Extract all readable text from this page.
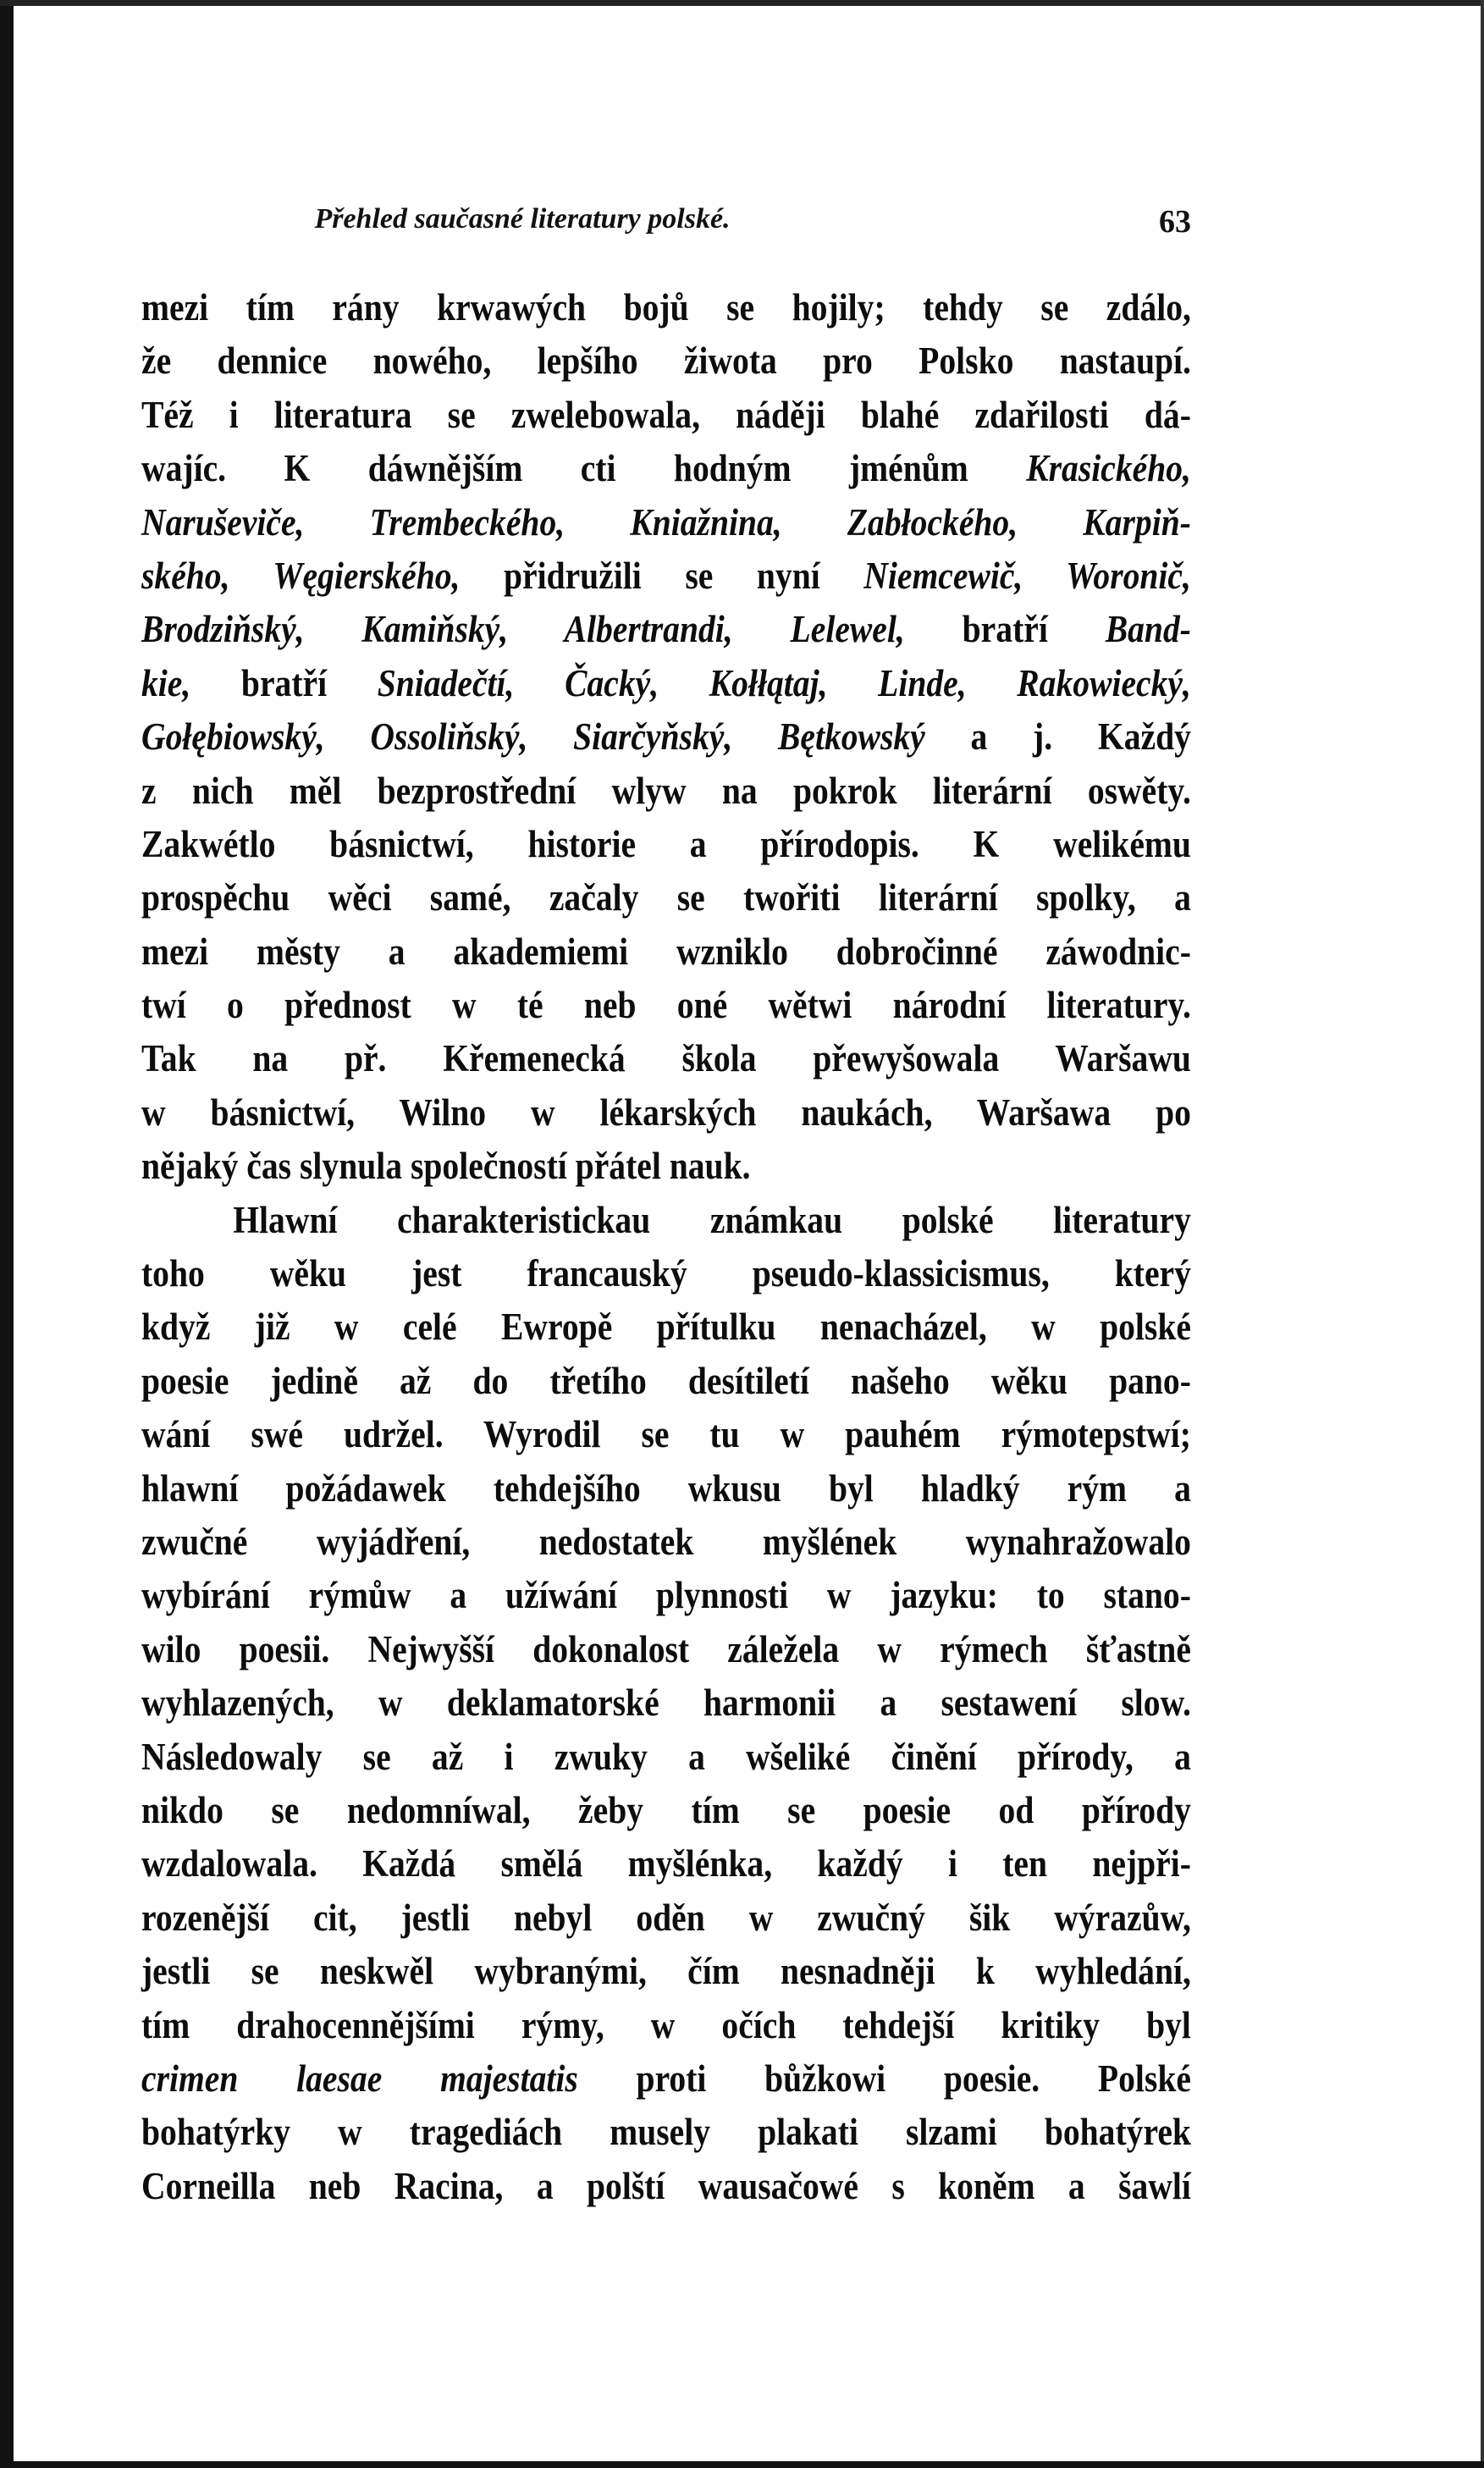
Přehled saučasné literatury polské.	63
mezi tím rány krwawých bojů se hojily; tehdy se zdálo,
že dennice nowého, lepšího žiwota pro Polsko nastaupí.
Též i literatura se zwelebowala, náději blahé zdařilosti dá-
wajíc. K dáwnějším cti hodným jménům Krasického,
Naruševiče, Trembeckého, Kniažnina, Zabłockého, Karpiň-
ského, Węgierského, přidružili se nyní Niemcewič, Woronič,
Brodziňský, Kamiňský, Albertrandi, Lelewel, bratří Band-
kie, bratří Sniadečtí, Čacký, Kołłątaj, Linde, Rakowiecký,
Gołębiowský, Ossoliňský, Siarčyňský, Bętkowský a j. Každý
z nich měl bezprostřední wlyw na pokrok literární oswěty.
Zakwétlo básnictwí, historie a přírodopis. K welikému
prospěchu wěci samé, začaly se twořiti literární spolky, a
mezi městy a akademiemi wzniklo dobročinné záwodnic-
twí o přednost w té neb oné wětwi národní literatury.
Tak na př. Křemenecká škola přewyšowala Waršawu
w básnictwí, Wilno w lékarských naukách, Waršawa po
nějaký čas slynula společností přátel nauk.
Hlawní charakteristickau známkau polské literatury
toho wěku jest francauský pseudo-klassicismus, který
když již w celé Ewropě přítulku nenacházel, w polské
poesie jedině až do třetího desítiletí našeho wěku pano-
wání swé udržel. Wyrodil se tu w pauhém rýmotepstwí;
hlawní požádawek tehdejšího wkusu byl hladký rým a
zwučné wyjádření, nedostatek myšlének wynahražowalo
wybírání rýmůw a užíwání plynnosti w jazyku: to stano-
wilo poesii. Nejwyšší dokonalost záležela w rýmech šťastně
wyhlazených, w deklamatorské harmonii a sestawení slow.
Následowaly se až i zwuky a wšeliké činění přírody, a
nikdo se nedomníwal, žeby tím se poesie od přírody
wzdalowala. Každá smělá myšlénka, každý i ten nejpři-
rozenější cit, jestli nebyl oděn w zwučný šik wýrazůw,
jestli se neskwěl wybranými, čím nesnadněji k wyhledání,
tím drahocennějšími rýmy, w očích tehdejší kritiky byl
crimen laesae majestatis proti bůžkowi poesie. Polské
bohatýrky w tragediách musely plakati slzami bohatýrek
Corneilla neb Racina, a polští wausačowé s koněm a šawlí
